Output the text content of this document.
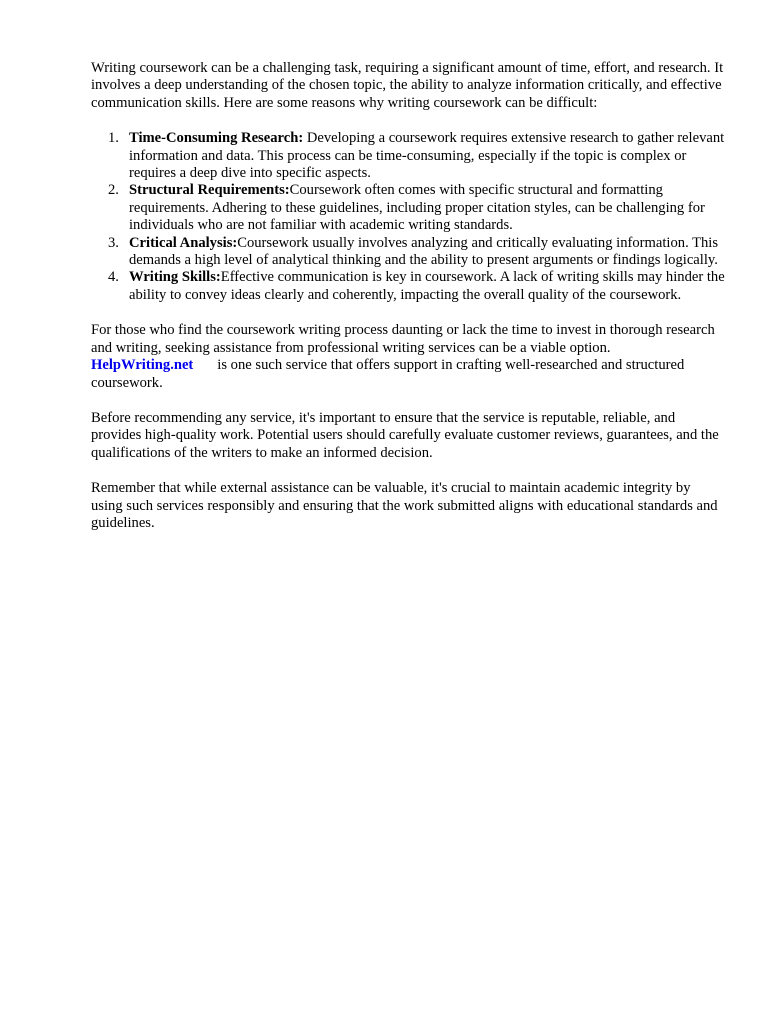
Writing coursework can be a challenging task, requiring a significant amount of time, effort, and research. It involves a deep understanding of the chosen topic, the ability to analyze information critically, and effective communication skills. Here are some reasons why writing coursework can be difficult:

1. Time-Consuming Research: Developing a coursework requires extensive research to gather relevant information and data. This process can be time-consuming, especially if the topic is complex or requires a deep dive into specific aspects.
2. Structural Requirements:Coursework often comes with specific structural and formatting requirements. Adhering to these guidelines, including proper citation styles, can be challenging for individuals who are not familiar with academic writing standards.
3. Critical Analysis:Coursework usually involves analyzing and critically evaluating information. This demands a high level of analytical thinking and the ability to present arguments or findings logically.
4. Writing Skills:Effective communication is key in coursework. A lack of writing skills may hinder the ability to convey ideas clearly and coherently, impacting the overall quality of the coursework.

For those who find the coursework writing process daunting or lack the time to invest in thorough research and writing, seeking assistance from professional writing services can be a viable option. HelpWriting.net is one such service that offers support in crafting well-researched and structured coursework.

Before recommending any service, it's important to ensure that the service is reputable, reliable, and provides high-quality work. Potential users should carefully evaluate customer reviews, guarantees, and the qualifications of the writers to make an informed decision.

Remember that while external assistance can be valuable, it's crucial to maintain academic integrity by using such services responsibly and ensuring that the work submitted aligns with educational standards and guidelines.
